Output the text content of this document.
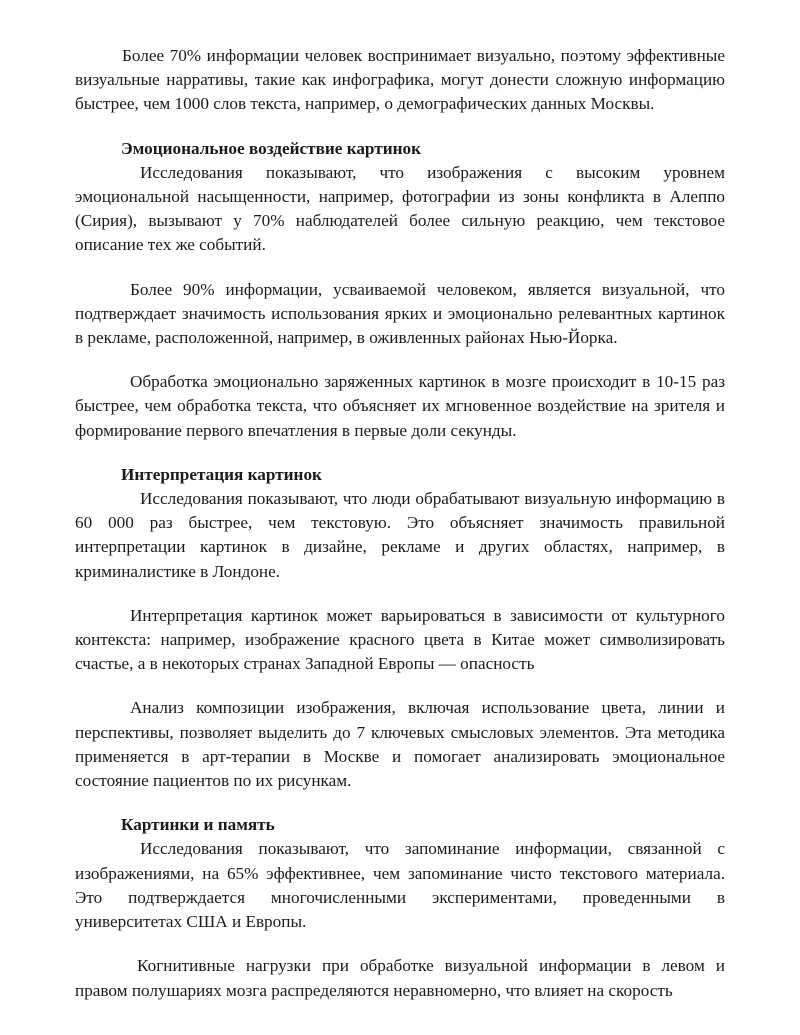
Более 70% информации человек воспринимает визуально, поэтому эффективные визуальные нарративы, такие как инфографика, могут донести сложную информацию быстрее, чем 1000 слов текста, например, о демографических данных Москвы.

Эмоциональное воздействие картинок

Исследования показывают, что изображения с высоким уровнем эмоциональной насыщенности, например, фотографии из зоны конфликта в Алеппо (Сирия), вызывают у 70% наблюдателей более сильную реакцию, чем текстовое описание тех же событий.

Более 90% информации, усваиваемой человеком, является визуальной, что подтверждает значимость использования ярких и эмоционально релевантных картинок в рекламе, расположенной, например, в оживленных районах Нью-Йорка.

Обработка эмоционально заряженных картинок в мозге происходит в 10-15 раз быстрее, чем обработка текста, что объясняет их мгновенное воздействие на зрителя и формирование первого впечатления в первые доли секунды.

Интерпретация картинок

Исследования показывают, что люди обрабатывают визуальную информацию в 60 000 раз быстрее, чем текстовую. Это объясняет значимость правильной интерпретации картинок в дизайне, рекламе и других областях, например, в криминалистике в Лондоне.

Интерпретация картинок может варьироваться в зависимости от культурного контекста: например, изображение красного цвета в Китае может символизировать счастье, а в некоторых странах Западной Европы — опасность

Анализ композиции изображения, включая использование цвета, линии и перспективы, позволяет выделить до 7 ключевых смысловых элементов. Эта методика применяется в арт-терапии в Москве и помогает анализировать эмоциональное состояние пациентов по их рисункам.

Картинки и память

Исследования показывают, что запоминание информации, связанной с изображениями, на 65% эффективнее, чем запоминание чисто текстового материала. Это подтверждается многочисленными экспериментами, проведенными в университетах США и Европы.

Когнитивные нагрузки при обработке визуальной информации в левом и правом полушариях мозга распределяются неравномерно, что влияет на скорость
